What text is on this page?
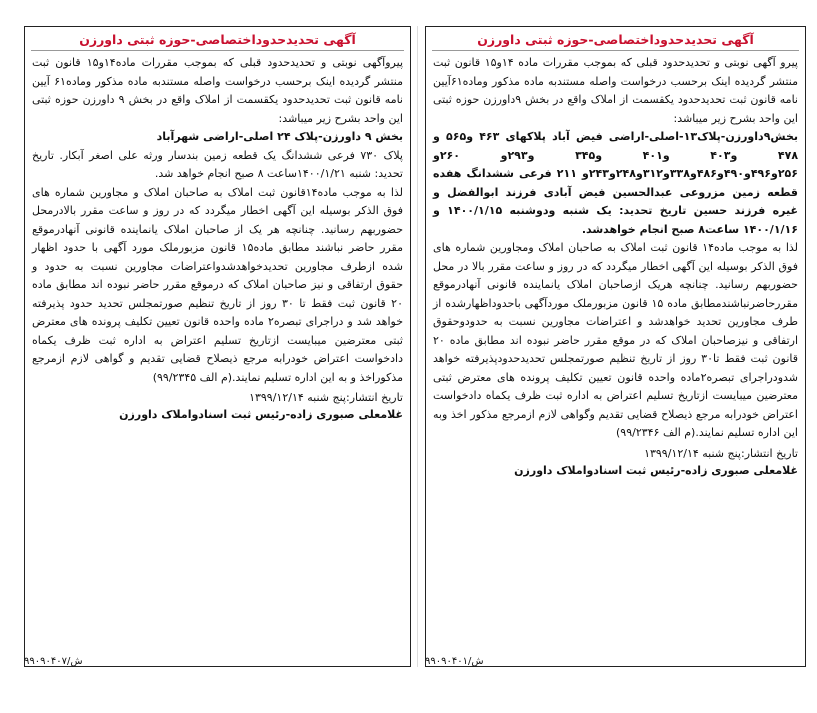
آگهی تحدیدحدوداختصاصی-حوزه ثبتی داورزن

پیروآگهی نوبتی و تحدیدحدود قبلی که بموجب مقررات ماده۱۴و۱۵ قانون ثبت منتشر گردیده اینک برحسب درخواست واصله مستندبه ماده مذکور وماده۶۱ آیین نامه قانون ثبت تحدیدحدود یکقسمت از املاک واقع در بخش ۹ داورزن حوزه ثبتی این واحد بشرح زیر میباشد:

بخش ۹ داورزن-پلاک ۲۴ اصلی-اراضی شهرآباد

پلاک ۷۳۰ فرعی ششدانگ یک قطعه زمین بندسار ورثه علی اصغر آبکار. تاریخ تحدید: شنبه ۱۴۰۰/۱/۲۱ساعت ۸ صبح انجام خواهد شد.

لذا به موجب ماده۱۴قانون ثبت املاک به صاحبان املاک و مجاورین شماره های فوق الذکر بوسیله این آگهی اخطار میگردد که در روز و ساعت مقرر بالادرمحل حضوربهم رسانید. چنانچه هر یک از صاحبان املاک یانماینده قانونی آنهادرموقع مقرر حاضر نباشند مطابق ماده۱۵ قانون مزبورملک مورد آگهی با حدود اظهار شده ازطرف مجاورین تحدیدخواهدشدواعتراضات مجاورین نسبت به حدود و حقوق ارتفاقی و نیز صاحبان املاک که درموقع مقرر حاضر نبوده اند مطابق ماده ۲۰ قانون ثبت فقط تا ۳۰ روز از تاریخ تنظیم صورتمجلس تحدید حدود پذیرفته خواهد شد و دراجرای تبصره۲ ماده واحده قانون تعیین تکلیف پرونده های معترض ثبتی معترضین میبایست ازتاریخ تسلیم اعتراض به اداره ثبت ظرف یکماه دادخواست اعتراض خودرابه مرجع ذیصلاح قضایی تقدیم و گواهی لازم ازمرجع مذکوراخذ و به این اداره تسلیم نمایند.(م الف ۹۹/۲۳۴۵)

تاریخ انتشار:پنج شنبه ۱۳۹۹/۱۲/۱۴
غلامعلی صبوری زاده-رئیس ثبت اسنادواملاک داورزن
۹۹۰۹۰۴۰۷/ش
آگهی تحدیدحدوداختصاصی-حوزه ثبتی داورزن

پیرو آگهی نوبتی و تحدیدحدود قبلی که بموجب مقررات ماده ۱۴و۱۵ قانون ثبت منتشر گردیده اینک برحسب درخواست واصله مستندبه ماده مذکور وماده۶۱آیین نامه قانون ثبت تحدیدحدود یکقسمت از املاک واقع در بخش ۹داورزن حوزه ثبتی این واحد بشرح زیر میباشد:

بخش۹داورزن-پلاک۱۳-اصلی-اراضی فیض آباد پلاکهای ۴۶۳ و۵۶۵ و ۴۷۸ و۴۰۳ و۴۰۱ و۳۴۵ و۲۹۳و ۲۶۰و ۲۵۶و۴۹۶و۴۹۰و۴۸۶و۳۳۸و۳۱۲و۲۴۸و۲۴۳و ۲۱۱ فرعی ششدانگ هفده قطعه زمین مزروعی عبدالحسین فیض آبادی فرزند ابوالفضل و غیره فرزند حسین تاریخ تحدید: یک شنبه ودوشنبه ۱۴۰۰/۱/۱۵ و ۱۴۰۰/۱/۱۶ ساعت۸ صبح انجام خواهدشد.

لذا به موجب ماده۱۴ قانون ثبت املاک به صاحبان املاک ومجاورین شماره های فوق الذکر بوسیله این آگهی اخطار میگردد که در روز و ساعت مقرر بالا در محل حضوربهم رسانید. چنانچه هریک ازصاحبان املاک یانماینده قانونی آنهادرموقع مقررحاضرنباشندمطابق ماده ۱۵ قانون مزبورملک موردآگهی باحدوداظهارشده از طرف مجاورین تحدید خواهدشد و اعتراضات مجاورین نسبت به حدودوحقوق ارتفاقی و نیزصاحبان املاک که در موقع مقرر حاضر نبوده اند مطابق ماده ۲۰ قانون ثبت فقط تا۳۰ روز از تاریخ تنظیم صورتمجلس تحدیدحدودپذیرفته خواهد شدودراجرای تبصره۲ماده واحده قانون تعیین تکلیف پرونده های معترض ثبتی معترضین میبایست ازتاریخ تسلیم اعتراض به اداره ثبت ظرف یکماه دادخواست اعتراض خودرابه مرجع ذیصلاح قضایی تقدیم وگواهی لازم ازمرجع مذکور اخذ وبه این اداره تسلیم نمایند.(م الف ۹۹/۲۳۴۶)

تاریخ انتشار:پنج شنبه ۱۳۹۹/۱۲/۱۴
غلامعلی صبوری زاده-رئیس ثبت اسنادواملاک داورزن
۹۹۰۹۰۴۰۱/ش
